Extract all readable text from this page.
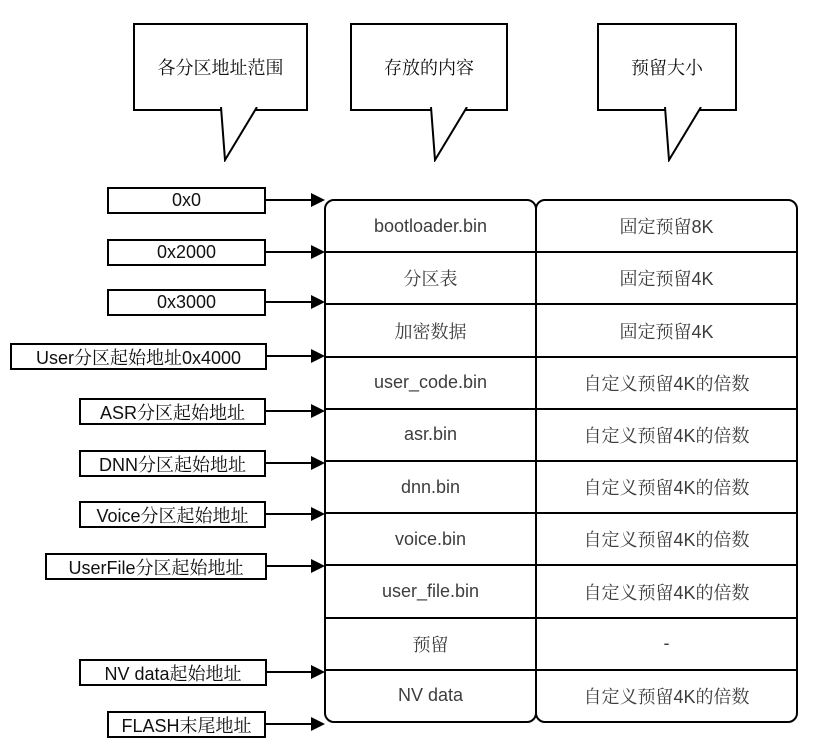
各分区地址范围	存放的内容	预留大小
0x0
0x2000
0x3000
User分区起始地址0x4000
ASR分区起始地址
DNN分区起始地址
Voice分区起始地址
UserFile分区起始地址
NV data起始地址
FLASH末尾地址
bootloader.bin
分区表
加密数据
user_code.bin
asr.bin
dnn.bin
voice.bin
user_file.bin
预留
NV data
固定预留8K
固定预留4K
固定预留4K
自定义预留4K的倍数
自定义预留4K的倍数
自定义预留4K的倍数
自定义预留4K的倍数
自定义预留4K的倍数
-
自定义预留4K的倍数
